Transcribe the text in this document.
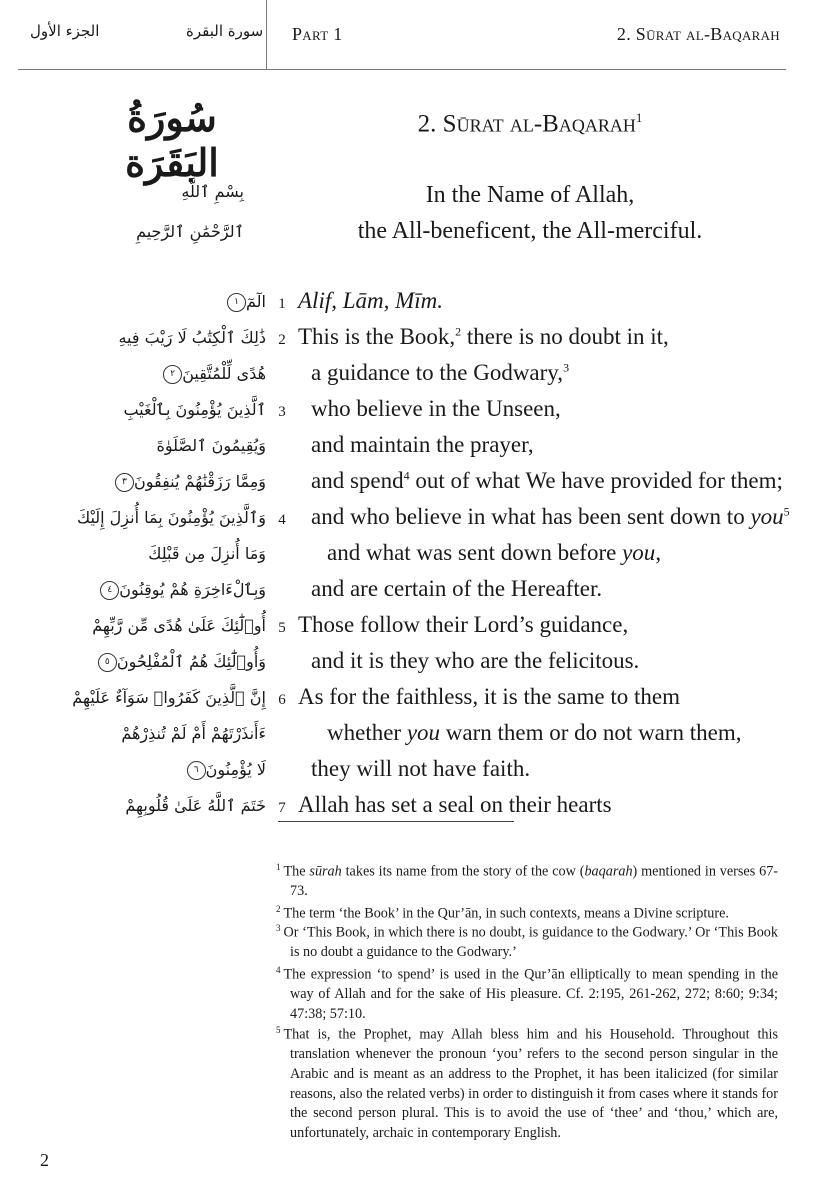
الجزء الأول	سورة البقرة Part 1	2. Sūrat al-Baqarah
سُورَةُ البَقَرَة
2. Sūrat al-Baqarah$^1$
بِسْمِ ٱللَّهِ
ٱلرَّحْمَٰنِ ٱلرَّحِيمِ
In the Name of Allah,
the All-beneficent, the All-merciful.
الٓمٓ١	1 Alif, Lām, Mīm.
ذَٰلِكَ ٱلْكِتَٰبُ لَا رَيْبَ فِيهِ 2 This is the Book,$^2$ there is no doubt in it,
هُدًى لِّلْمُتَّقِينَ٢	a guidance to the Godwary,$^3$
ٱلَّذِينَ يُؤْمِنُونَ بِٱلْغَيْبِ 3 who believe in the Unseen,
وَيُقِيمُونَ ٱلصَّلَوٰةَ and maintain the prayer,
وَمِمَّا رَزَقْنَٰهُمْ يُنفِقُونَ٣	and spend$^4$ out of what We have provided for them;
وَٱلَّذِينَ يُؤْمِنُونَ بِمَا أُنزِلَ إِلَيْكَ 4 and who believe in what has been sent down to you$^5$
وَمَا أُنزِلَ مِن قَبْلِكَ	and what was sent down before you,
وَبِٱلْءَاخِرَةِ هُمْ يُوقِنُونَ٤	and are certain of the Hereafter.
أُو۟لَٰٓئِكَ عَلَىٰ هُدًى مِّن رَّبِّهِمْ 5 Those follow their Lord’s guidance,
وَأُو۟لَٰٓئِكَ هُمُ ٱلْمُفْلِحُونَ٥	and it is they who are the felicitous.
إِنَّ ٱلَّذِينَ كَفَرُوا۟ سَوَآءٌ عَلَيْهِمْ 6 As for the faithless, it is the same to them
ءَأَنذَرْتَهُمْ أَمْ لَمْ تُنذِرْهُمْ	whether you warn them or do not warn them,
لَا يُؤْمِنُونَ٦	they will not have faith.
خَتَمَ ٱللَّهُ عَلَىٰ قُلُوبِهِمْ 7 Allah has set a seal on their hearts
$^1$ The sūrah takes its name from the story of the cow (baqarah) mentioned in verses 67-73.
$^2$ The term ‘the Book’ in the Qur’ān, in such contexts, means a Divine scripture.
$^3$ Or ‘This Book, in which there is no doubt, is guidance to the Godwary.’ Or ‘This Book is no doubt a guidance to the Godwary.’
$^4$ The expression ‘to spend’ is used in the Qur’ān elliptically to mean spending in the way of Allah and for the sake of His pleasure. Cf. 2:195, 261-262, 272; 8:60; 9:34; 47:38; 57:10.
$^5$ That is, the Prophet, may Allah bless him and his Household. Throughout this translation whenever the pronoun ‘you’ refers to the second person singular in the Arabic and is meant as an address to the Prophet, it has been italicized (for similar reasons, also the related verbs) in order to distinguish it from cases where it stands for the second person plural. This is to avoid the use of ‘thee’ and ‘thou,’ which are, unfortunately, archaic in contemporary English.
2
